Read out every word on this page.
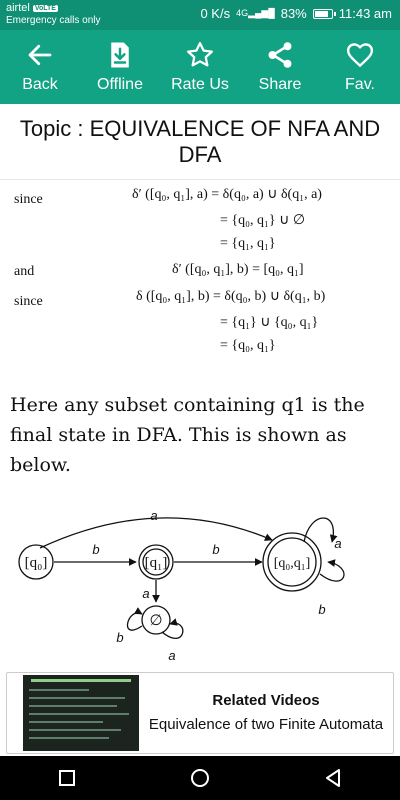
airtel VoLTE
Emergency calls only	0 K/s 4G▂▄▆█ 83% 11:43 am
Back Offline Rate Us Share	Fav.
Topic : EQUIVALENCE OF NFA AND DFA
since	δ′ ([q₀, q₁], a) = δ(q₀, a) ∪ δ(q₁, a)
= {q₀, q₁} ∪ ∅
= {q₁, q₁}
and	δ′ ([q₀, q₁], b) = [q₀, q₁]
since	δ ([q₀, q₁], b) = δ(q₀, b) ∪ δ(q₁, b)
= {q₁} ∪ {q₀, q₁}
= {q₀, q₁}
Here any subset containing q1 is the final state in DFA. This is shown as below.
[q₀]	[q₁]	[q₀,q₁]
∅
a
b	b	a
b
a
b
a
Related Videos
Equivalence of two Finite Automata
